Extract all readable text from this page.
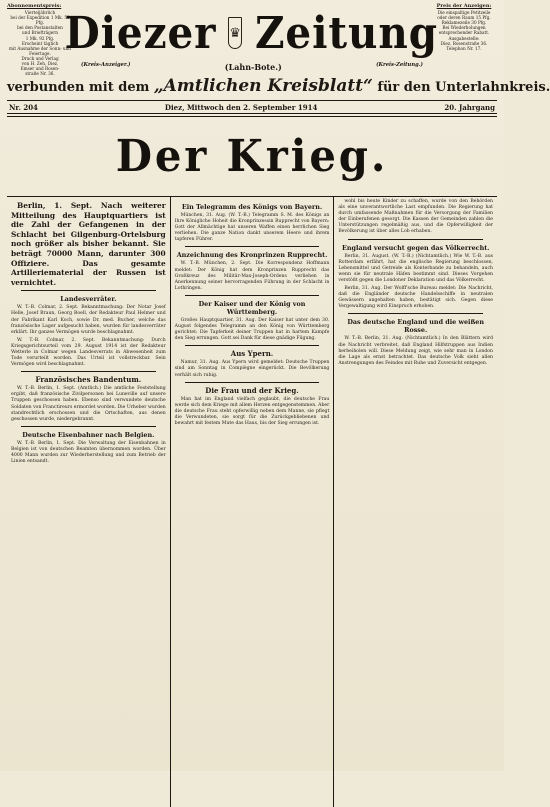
Abonnementspreis:
Vierteljährlich
bei der Expedition 1 Mk. 50 Pfg.
bei den Postanstalten
und Briefträgern
1 Mk. 92 Pfg.
Erscheint täglich
mit Ausnahme der Sonn- und
Feiertage.
Druck und Verlag
von H. Zeh, Diez,
Emser und Rosen-
straße Nr. 36.
Diezer ♛ Zeitung
(Kreis-Anzeiger.)	(Lahn-Bote.)	(Kreis-Zeitung.)
verbunden mit dem „Amtlichen Kreisblatt“ für den Unterlahnkreis.
Preis der Anzeigen:
Die einspaltige Petitzeile
oder deren Raum 15 Pfg.
Reklamezeile 30 Pfg.
Bei Wiederholungen
entsprechender Rabatt.
Ausgabestelle:
Diez, Rosenstraße 36.
Telephon Nr. 17.
Nr. 204	Diez, Mittwoch den 2. September 1914	20. Jahrgang
Der Krieg.
Berlin, 1. Sept. Nach weiterer Mitteilung des Hauptquartiers ist die Zahl der Gefangenen in der Schlacht bei Gilgenburg-Ortelsburg noch größer als bisher bekannt. Sie beträgt 70000 Mann, darunter 300 Offiziere. Das gesamte Artilleriematerial der Russen ist vernichtet.
Landesverräter.

W. T.-B. Colmar, 2. Sept. Bekanntmachung: Der Notar Josef Helle, Josef Braun, Georg Boell, der Redakteur Paul Helmer und der Fabrikant Karl Koch, sowie Dr. med. Bucher, welche das französische Lager aufgesucht haben, wurden für landesverräter erklärt. Ihr ganzes Vermögen wurde beschlagnahmt.

W. T.-B. Colmar, 2. Sept. Bekanntmachung: Durch Kriegsgerichtsurteil vom 29. August 1914 ist der Redakteur Wetterle in Colmar wegen Landesverrats in Abwesenheit zum Tode verurteilt worden. Das Urteil ist vollstreckbar. Sein Vermögen wird beschlagnahmt.

Französisches Bandentum.

W. T.-B. Berlin, 1. Sept. (Amtlich.) Die amtliche Feststellung ergibt, daß französische Zivilpersonen bei Luneville auf unsere Truppen geschossen haben. Ebenso sind verwundete deutsche Soldaten von Franctireurs ermordet worden. Die Urheber wurden standrechtlich erschossen und die Ortschaften, aus denen geschossen wurde, niedergebrannt.

Deutsche Eisenbahner nach Belgien.

W. T.-B. Berlin, 1. Sept. Die Verwaltung der Eisenbahnen in Belgien ist von deutschen Beamten übernommen worden. Über 4000 Mann wurden zur Wiederherstellung und zum Betrieb der Linien entsandt.

Ein Telegramm des Königs von Bayern.

München, 31. Aug. (W. T.-B.) Telegramm S. M. des Königs an Ihre Königliche Hoheit die Kronprinzessin Rupprecht von Bayern: Gott der Allmächtige hat unseren Waffen einen herrlichen Sieg verliehen. Die ganze Nation dankt unserem Heere und ihrem tapferen Führer.

Anzeichnung des Kronprinzen Rupprecht.

W. T.-B. München, 2. Sept. Die Korrespondenz Hoffmann meldet: Der König hat dem Kronprinzen Rupprecht das Großkreuz des Militär-Max-Joseph-Ordens verliehen in Anerkennung seiner hervorragenden Führung in der Schlacht in Lothringen.

Der Kaiser und der König von Württemberg.

Großes Hauptquartier, 31. Aug. Der Kaiser hat unter dem 30. August folgendes Telegramm an den König von Württemberg gerichtet: Die Tapferkeit deiner Truppen hat in hartem Kampfe den Sieg errungen. Gott sei Dank für diese gnädige Fügung.

Aus Ypern.

Namur, 31. Aug. Aus Ypern wird gemeldet: Deutsche Truppen sind am Sonntag in Compiègne eingerückt. Die Bevölkerung verhält sich ruhig.

Die Frau und der Krieg.

Man hat im England vielfach geglaubt, die deutsche Frau werde sich dem Kriege mit allem Herzen entgegenstemmen. Aber die deutsche Frau steht opferwillig neben dem Manne, sie pflegt die Verwundeten, sie sorgt für die Zurückgebliebenen und bewahrt mit festem Mute das Haus, bis der Sieg errungen ist.

wohl bis heute Kinder zu schaffen, wurde von den Behörden als eine unverantwortliche Last empfunden. Die Regierung hat durch umfassende Maßnahmen für die Versorgung der Familien der Einberufenen gesorgt. Die Kassen der Gemeinden zahlen die Unterstützungen regelmäßig aus, und die Opferwilligkeit der Bevölkerung ist über alles Lob erhaben.

England versucht gegen das Völkerrecht.

Berlin, 31. August. (W. T.-B.) (Nichtamtlich.) Wie W. T.-B. aus Rotterdam erfährt, hat die englische Regierung beschlossen, Lebensmittel und Getreide als Konterbande zu behandeln, auch wenn sie für neutrale Häfen bestimmt sind. Dieses Vorgehen verstößt gegen die Londoner Deklaration und das Völkerrecht.

Berlin, 31. Aug. Der Wolff'sche Bureau meldet: Die Nachricht, daß die Engländer deutsche Handelsschiffe in neutralen Gewässern angehalten haben, bestätigt sich. Gegen diese Vergewaltigung wird Einspruch erhoben.

Das deutsche England und die weißen Rosse.

W. T.-B. Berlin, 31. Aug. (Nichtamtlich.) In den Blättern wird die Nachricht verbreitet, daß England Hilfstruppen aus Indien herbeiholen will. Diese Meldung zeigt, wie sehr man in London die Lage als ernst betrachtet. Das deutsche Volk sieht allen Anstrengungen des Feindes mit Ruhe und Zuversicht entgegen.
